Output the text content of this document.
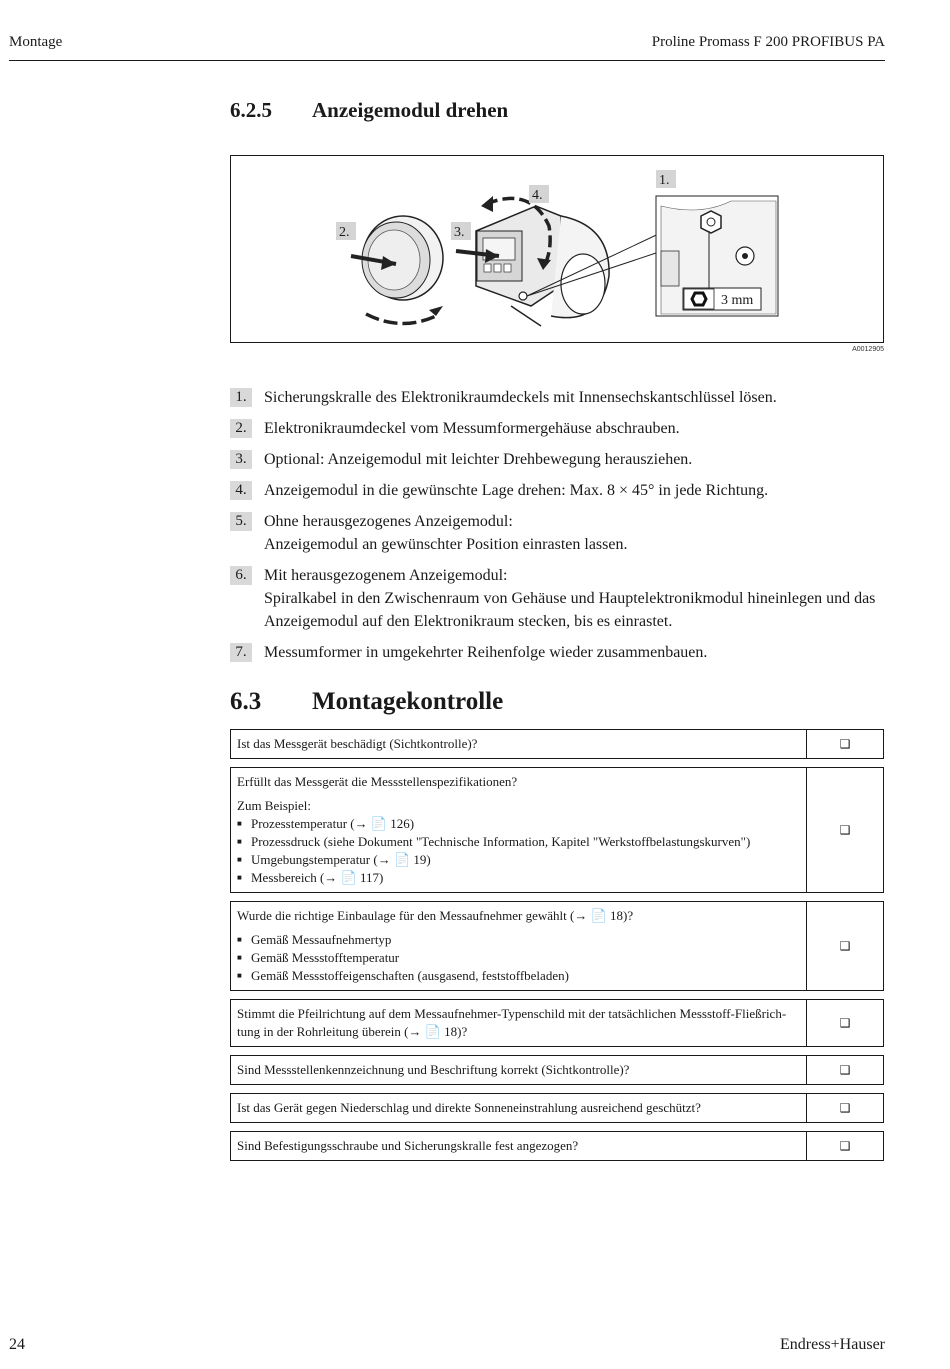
Montage	Proline Promass F 200 PROFIBUS PA
6.2.5 Anzeigemodul drehen
3 mm
1.
2.	3.
4.
A0012905
1.	Sicherungskralle des Elektronikraumdeckels mit Innensechskantschlüssel lösen.
2.	Elektronikraumdeckel vom Messumformergehäuse abschrauben.
3.	Optional: Anzeigemodul mit leichter Drehbewegung herausziehen.
4.	Anzeigemodul in die gewünschte Lage drehen: Max. 8 × 45° in jede Richtung.
5.	Ohne herausgezogenes Anzeigemodul:
Anzeigemodul an gewünschter Position einrasten lassen.
6.	Mit herausgezogenem Anzeigemodul:
Spiralkabel in den Zwischenraum von Gehäuse und Hauptelektronikmodul hineinlegen und das Anzeigemodul auf den Elektronikraum stecken, bis es einrastet.
7.	Messumformer in umgekehrter Reihenfolge wieder zusammenbauen.
6.3 Montagekontrolle
Ist das Messgerät beschädigt (Sichtkontrolle)?	❑
Erfüllt das Messgerät die Messstellenspezifikationen?
Zum Beispiel:
■ Prozesstemperatur (→ 📄 126)
■ Prozessdruck (siehe Dokument "Technische Information, Kapitel "Werkstoffbelastungskurven")
■ Umgebungstemperatur (→ 📄 19)
■ Messbereich (→ 📄 117)
❑
Wurde die richtige Einbaulage für den Messaufnehmer gewählt (→ 📄 18)?
■ Gemäß Messaufnehmertyp
■ Gemäß Messstofftemperatur
■ Gemäß Messstoffeigenschaften (ausgasend, feststoffbeladen)
❑
Stimmt die Pfeilrichtung auf dem Messaufnehmer-Typenschild mit der tatsächlichen Messstoff-Fließrich-tung in der Rohrleitung überein (→ 📄 18)?
❑
Sind Messstellenkennzeichnung und Beschriftung korrekt (Sichtkontrolle)?	❑
Ist das Gerät gegen Niederschlag und direkte Sonneneinstrahlung ausreichend geschützt?	❑
Sind Befestigungsschraube und Sicherungskralle fest angezogen?	❑
24	Endress+Hauser
